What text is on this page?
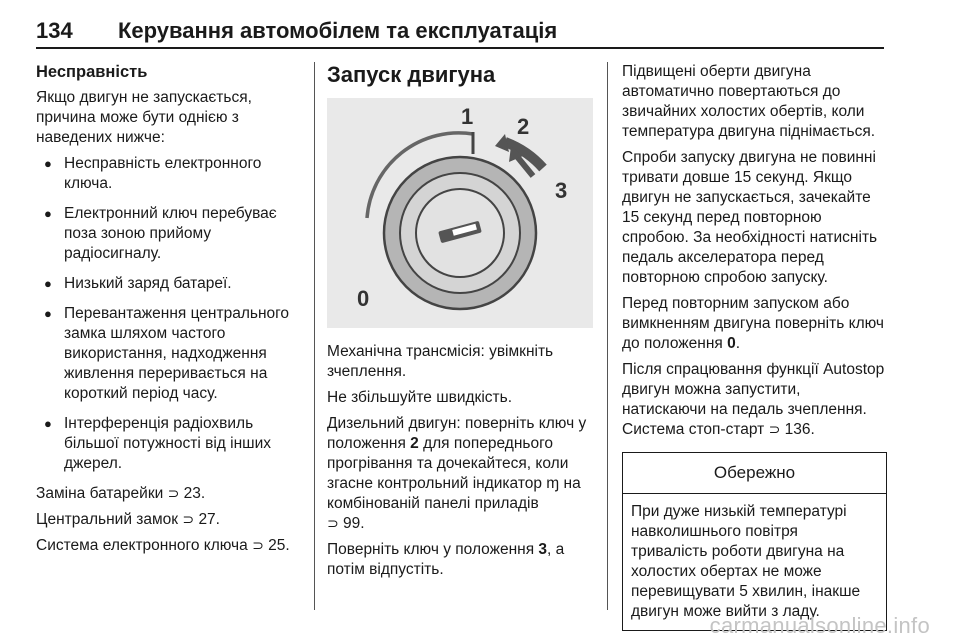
134 Керування автомобілем та експлуатація
Несправність

Якщо двигун не запускається, причина може бути однією з наведених нижче:

● Несправність електронного ключа.
● Електронний ключ перебуває поза зоною прийому радіосигналу.
● Низький заряд батареї.
● Перевантаження центрального замка шляхом частого використання, надходження живлення переривається на короткий період часу.
● Інтерференція радіохвиль більшої потужності від інших джерел.

Заміна батарейки ⊃ 23.

Центральний замок ⊃ 27.

Система електронного ключа ⊃ 25.

Запуск двигуна
0
1 2
3

Механічна трансмісія: увімкніть зчеплення.

Не збільшуйте швидкість.

Дизельний двигун: поверніть ключ у положення 2 для попереднього прогрівання та дочекайтеся, коли згасне контрольний індикатор ɱ на комбінованій панелі приладів
⊃ 99.

Поверніть ключ у положення 3, а потім відпустіть.

Підвищені оберти двигуна автоматично повертаються до звичайних холостих обертів, коли температура двигуна піднімається.

Спроби запуску двигуна не повинні тривати довше 15 секунд. Якщо двигун не запускається, зачекайте 15 секунд перед повторною спробою. За необхідності натисніть педаль акселератора перед повторною спробою запуску.

Перед повторним запуском або вимкненням двигуна поверніть ключ до положення 0.

Після спрацювання функції Autostop двигун можна запустити, натискаючи на педаль зчеплення. Система стоп-старт ⊃ 136.

Обережно
При дуже низькій температурі навколишнього повітря тривалість роботи двигуна на холостих обертах не може перевищувати 5 хвилин, інакше двигун може вийти з ладу.
carmanualsonline.info
